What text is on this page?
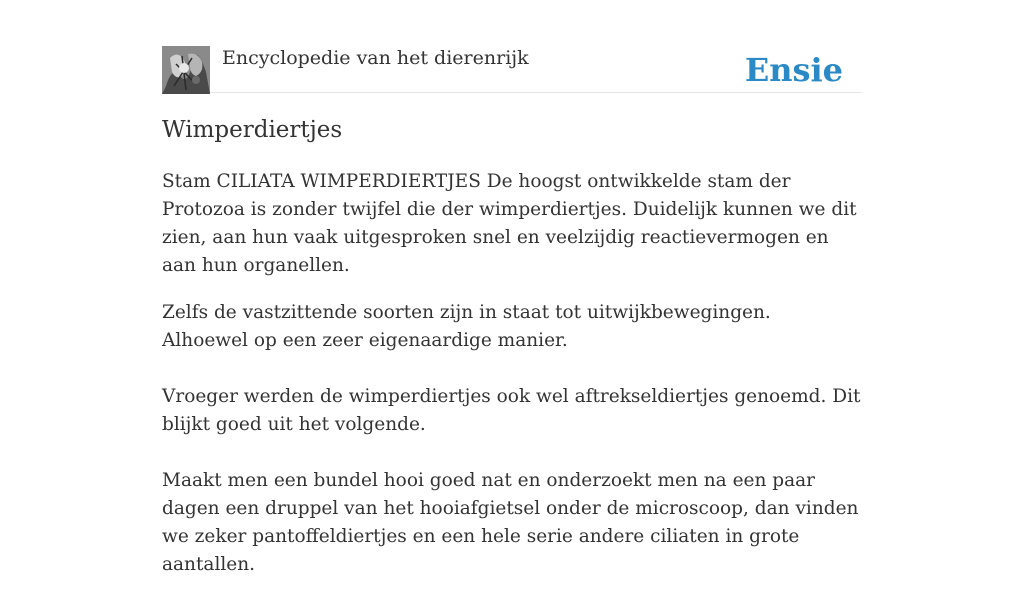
Encyclopedie van het dierenrijk	Ensie
Wimperdiertjes

Stam CILIATA WIMPERDIERTJES De hoogst ontwikkelde stam der Protozoa is zonder twijfel die der wimperdiertjes. Duidelijk kunnen we dit zien, aan hun vaak uitgesproken snel en veelzijdig reactievermogen en aan hun organellen.

Zelfs de vastzittende soorten zijn in staat tot uitwijkbewegingen. Alhoewel op een zeer eigenaardige manier.

Vroeger werden de wimperdiertjes ook wel aftrekseldiertjes genoemd. Dit blijkt goed uit het volgende.

Maakt men een bundel hooi goed nat en onderzoekt men na een paar dagen een druppel van het hooiafgietsel onder de microscoop, dan vinden we zeker pantoffeldiertjes en een hele serie andere ciliaten in grote aantallen.
